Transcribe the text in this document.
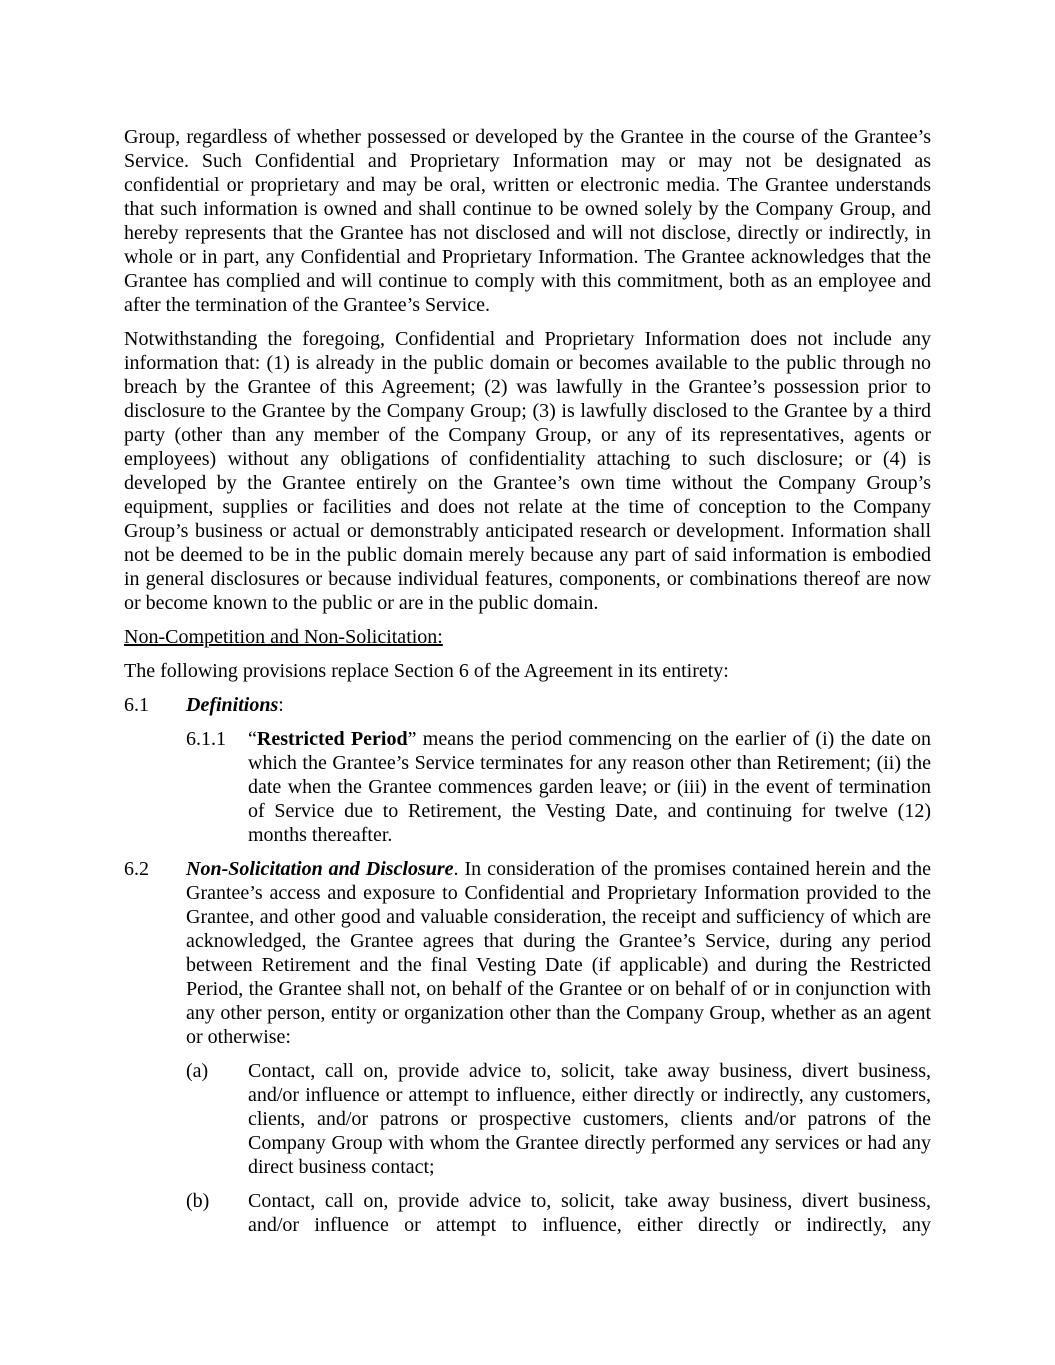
Group, regardless of whether possessed or developed by the Grantee in the course of the Grantee’s Service. Such Confidential and Proprietary Information may or may not be designated as confidential or proprietary and may be oral, written or electronic media. The Grantee understands that such information is owned and shall continue to be owned solely by the Company Group, and hereby represents that the Grantee has not disclosed and will not disclose, directly or indirectly, in whole or in part, any Confidential and Proprietary Information. The Grantee acknowledges that the Grantee has complied and will continue to comply with this commitment, both as an employee and after the termination of the Grantee’s Service.

Notwithstanding the foregoing, Confidential and Proprietary Information does not include any information that: (1) is already in the public domain or becomes available to the public through no breach by the Grantee of this Agreement; (2) was lawfully in the Grantee’s possession prior to disclosure to the Grantee by the Company Group; (3) is lawfully disclosed to the Grantee by a third party (other than any member of the Company Group, or any of its representatives, agents or employees) without any obligations of confidentiality attaching to such disclosure; or (4) is developed by the Grantee entirely on the Grantee’s own time without the Company Group’s equipment, supplies or facilities and does not relate at the time of conception to the Company Group’s business or actual or demonstrably anticipated research or development. Information shall not be deemed to be in the public domain merely because any part of said information is embodied in general disclosures or because individual features, components, or combinations thereof are now or become known to the public or are in the public domain.

Non-Competition and Non-Solicitation:

The following provisions replace Section 6 of the Agreement in its entirety:

6.1	Definitions:
6.1.1	“Restricted Period” means the period commencing on the earlier of (i) the date on which the Grantee’s Service terminates for any reason other than Retirement; (ii) the date when the Grantee commences garden leave; or (iii) in the event of termination of Service due to Retirement, the Vesting Date, and continuing for twelve (12) months thereafter.
6.2	Non-Solicitation and Disclosure. In consideration of the promises contained herein and the Grantee’s access and exposure to Confidential and Proprietary Information provided to the Grantee, and other good and valuable consideration, the receipt and sufficiency of which are acknowledged, the Grantee agrees that during the Grantee’s Service, during any period between Retirement and the final Vesting Date (if applicable) and during the Restricted Period, the Grantee shall not, on behalf of the Grantee or on behalf of or in conjunction with any other person, entity or organization other than the Company Group, whether as an agent or otherwise:
(a)	Contact, call on, provide advice to, solicit, take away business, divert business, and/or influence or attempt to influence, either directly or indirectly, any customers, clients, and/or patrons or prospective customers, clients and/or patrons of the Company Group with whom the Grantee directly performed any services or had any direct business contact;
(b)	Contact, call on, provide advice to, solicit, take away business, divert business, and/or influence or attempt to influence, either directly or indirectly, any
